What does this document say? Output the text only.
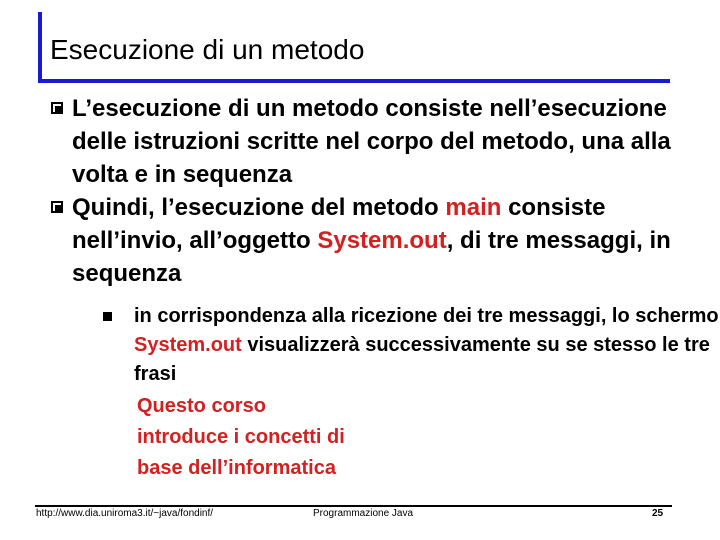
Esecuzione di un metodo
L’esecuzione di un metodo consiste nell’esecuzione delle istruzioni scritte nel corpo del metodo, una alla volta e in sequenza
Quindi, l’esecuzione del metodo main consiste nell’invio, all’oggetto System.out, di tre messaggi, in sequenza
in corrispondenza alla ricezione dei tre messaggi, lo schermo System.out visualizzerà successivamente su se stesso le tre frasi
Questo corso
introduce i concetti di
base dell’informatica
http://www.dia.uniroma3.it/~java/fondinf/	Programmazione Java	25
